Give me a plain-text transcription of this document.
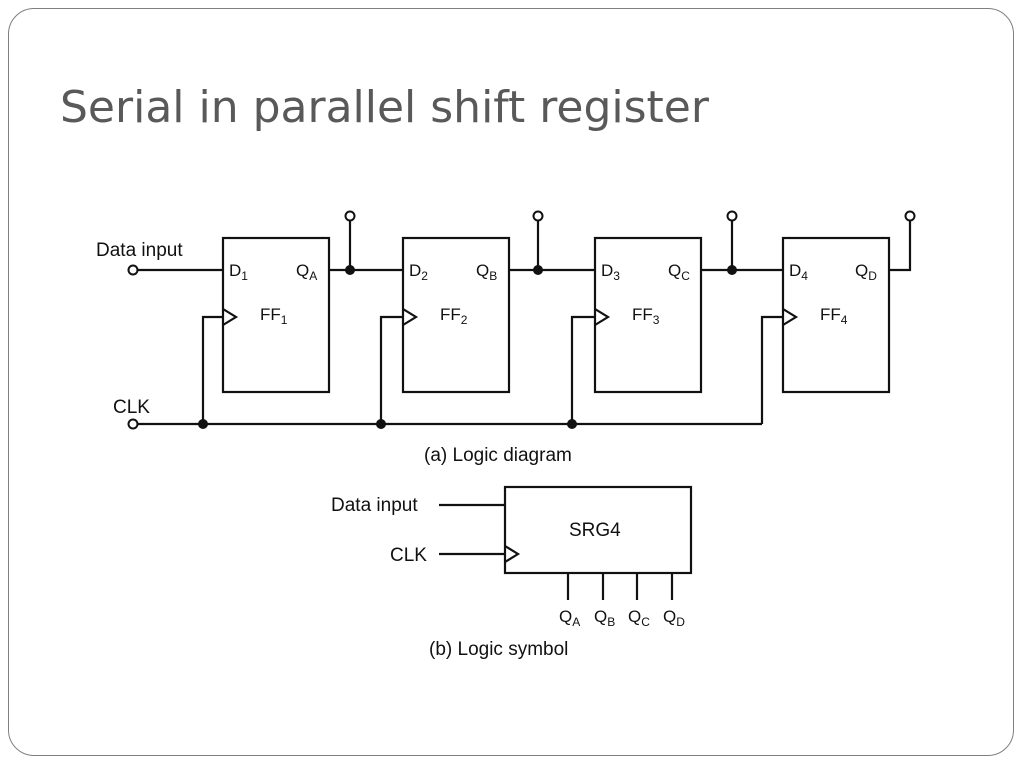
Serial in parallel shift register
Data input
CLK
$D_1$	$Q_A$
$FF_1$
$D_2$	$Q_B$
$FF_2$
$D_3$	$Q_C$
$FF_3$
$D_4$	$Q_D$
$FF_4$
(a) Logic diagram
SRG4
Data input
CLK
$Q_A$ $Q_B$ $Q_C$ $Q_D$
(b) Logic symbol
